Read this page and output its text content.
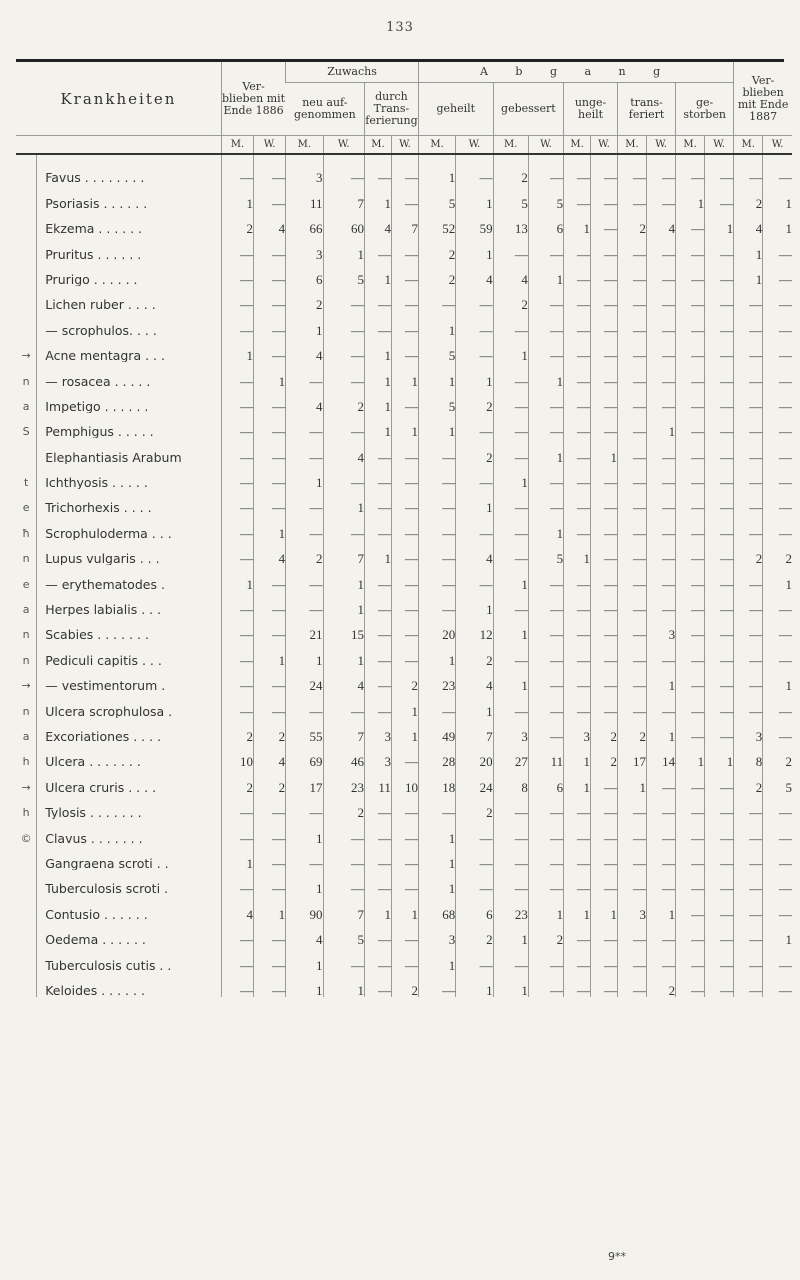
133
Krankheiten		Ver- blieben mit Ende 1886		Zuwachs				A b g a n g										Ver- blieben mit Ende 1887	
				neu auf- genommen		durch Trans- ferierung		geheilt		gebessert		unge- heilt		trans- feriert		ge- storben			
		M.	W.	M.	W.	M.	W.	M.	W.	M.	W.	M.	W.	M.	W.	M.	W.	M.	W.
	Favus . . . . . . . .	—	—	3	—	—	—	1	—	2	—	—	—	—	—	—	—	—	—
	Psoriasis . . . . . .	1	—	11	7	1	—	5	1	5	5	—	—	—	—	1	—	2	1
	Ekzema . . . . . .	2	4	66	60	4	7	52	59	13	6	1	—	2	4	—	1	4	1
	Pruritus . . . . . .	—	—	3	1	—	—	2	1	—	—	—	—	—	—	—	—	1	—
	Prurigo . . . . . .	—	—	6	5	1	—	2	4	4	1	—	—	—	—	—	—	1	—
	Lichen ruber . . . .	—	—	2	—	—	—	—	—	2	—	—	—	—	—	—	—	—	—
	— scrophulos. . . .	—	—	1	—	—	—	1	—	—	—	—	—	—	—	—	—	—	—
→	Acne mentagra . . .	1	—	4	—	1	—	5	—	1	—	—	—	—	—	—	—	—	—
n	— rosacea . . . . .	—	1	—	—	1	1	1	1	—	1	—	—	—	—	—	—	—	—
a	Impetigo . . . . . .	—	—	4	2	1	—	5	2	—	—	—	—	—	—	—	—	—	—
S	Pemphigus . . . . .	—	—	—	—	1	1	1	—	—	—	—	—	—	1	—	—	—	—
	Elephantiasis Arabum	—	—	—	4	—	—	—	2	—	1	—	1	—	—	—	—	—	—
t	Ichthyosis . . . . .	—	—	1	—	—	—	—	—	1	—	—	—	—	—	—	—	—	—
e	Trichorhexis . . . .	—	—	—	1	—	—	—	1	—	—	—	—	—	—	—	—	—	—
ħ	Scrophuloderma . . .	—	1	—	—	—	—	—	—	—	1	—	—	—	—	—	—	—	—
n	Lupus vulgaris . . .	—	4	2	7	1	—	—	4	—	5	1	—	—	—	—	—	2	2
e	— erythematodes .	1	—	—	1	—	—	—	—	1	—	—	—	—	—	—	—	—	1
a	Herpes labialis . . .	—	—	—	1	—	—	—	1	—	—	—	—	—	—	—	—	—	—
n	Scabies . . . . . . .	—	—	21	15	—	—	20	12	1	—	—	—	—	3	—	—	—	—
n	Pediculi capitis . . .	—	1	1	1	—	—	1	2	—	—	—	—	—	—	—	—	—	—
→	— vestimentorum .	—	—	24	4	—	2	23	4	1	—	—	—	—	1	—	—	—	1
n	Ulcera scrophulosa .	—	—	—	—	—	1	—	1	—	—	—	—	—	—	—	—	—	—
a	Excoriationes . . . .	2	2	55	7	3	1	49	7	3	—	3	2	2	1	—	—	3	—
h	Ulcera . . . . . . .	10	4	69	46	3	—	28	20	27	11	1	2	17	14	1	1	8	2
→	Ulcera cruris . . . .	2	2	17	23	11	10	18	24	8	6	1	—	1	—	—	—	2	5
h	Tylosis . . . . . . .	—	—	—	2	—	—	—	2	—	—	—	—	—	—	—	—	—	—
©	Clavus . . . . . . .	—	—	1	—	—	—	1	—	—	—	—	—	—	—	—	—	—	—
	Gangraena scroti . .	1	—	—	—	—	—	1	—	—	—	—	—	—	—	—	—	—	—
	Tuberculosis scroti .	—	—	1	—	—	—	1	—	—	—	—	—	—	—	—	—	—	—
	Contusio . . . . . .	4	1	90	7	1	1	68	6	23	1	1	1	3	1	—	—	—	—
	Oedema . . . . . .	—	—	4	5	—	—	3	2	1	2	—	—	—	—	—	—	—	1
	Tuberculosis cutis . .	—	—	1	—	—	—	1	—	—	—	—	—	—	—	—	—	—	—
	Keloides . . . . . .	—	—	1	1	—	2	—	1	1	—	—	—	—	2	—	—	—	—
9**
